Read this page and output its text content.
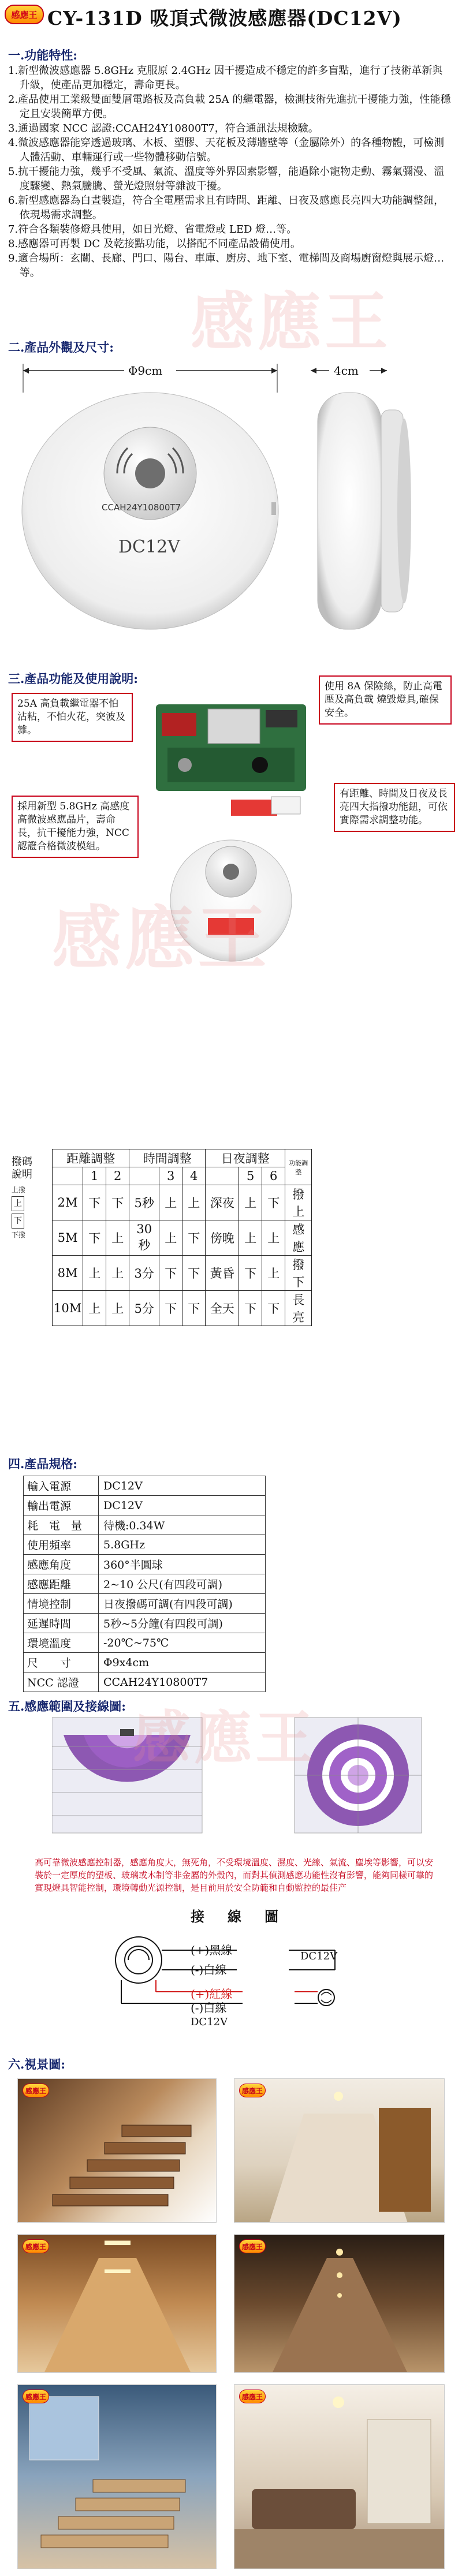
感應王 CY-131D 吸頂式微波感應器(DC12V)
一.功能特性:

1.新型微波感應器 5.8GHz 克服原 2.4GHz 因干擾造成不穩定的許多盲點，進行了技術革新與升級，使產品更加穩定，壽命更長。

2.產品使用工業級雙面雙層電路板及高負載 25A 的繼電器，檢測技術先進抗干擾能力強，性能穩定且安裝簡單方便。

3.通過國家 NCC 認證:CCAH24Y10800T7，符合通訊法規檢驗。

4.微波感應器能穿透過玻璃、木板、塑膠、天花板及薄牆壁等（金屬除外）的各種物體，可檢測人體活動、車輛運行或一些物體移動信號。

5.抗干擾能力強，幾乎不受風、氣流、溫度等外界因素影響，能過除小寵物走動、霧氣彌漫、溫度驟變、熱氣騰騰、螢光燈照射等雜波干擾。

6.新型感應器為白晝製造，符合全電壓需求且有時間、距離、日夜及感應長亮四大功能調整鈕，依現場需求調整。

7.符合各類裝修燈具使用，如日光燈、省電燈或 LED 燈…等。

8.感應器可再製 DC 及乾接點功能，以搭配不同產品設備使用。

9.適合場所：玄關、長廊、門口、陽台、車庫、廚房、地下室、電梯間及商場廚窗燈與展示燈…等。

二.產品外觀及尺寸: 感應王
Φ9cm	4cm
CCAH24Y10800T7
DC12V
三.產品功能及使用說明:
25A 高負載繼電器不怕沾粘，不怕火花，突波及雜。
使用 8A 保險絲，防止高電壓及高負載 燒毀燈具,確保安全。
採用新型 5.8GHz 高感度高微波感應晶片，壽命長，抗干擾能力強，NCC 認證合格微波模組。
有距離、時間及日夜及長亮四大指撥功能鈕，可依實際需求調整功能。
感應王
撥碼說明
上撥
上
下
下撥
距離調整			時間調整			日夜調整			功能調整
	1	2		3	4		5	6	
2M	下	下	5秒	上	上	深夜	上	下	撥上
5M	下	上	30秒	上	下	傍晚	上	上	感應
8M	上	上	3分	下	下	黃昏	下	上	撥下
10M	上	上	5分	下	下	全天	下	下	長亮
四.產品規格:
輸入電源	DC12V
輸出電源	DC12V
耗　電　量	待機:0.34W
使用頻率	5.8GHz
感應角度	360°半圓球
感應距離	2~10 公尺(有四段可調)
情境控制	日夜撥碼可調(有四段可調)
延遲時間	5秒~5分鐘(有四段可調)
環境溫度	-20℃~75℃
尺　　寸	Φ9x4cm
NCC 認證	CCAH24Y10800T7
五.感應範圍及接線圖: 感應王
高可靠微波感應控制器，感應角度大，無死角，不受環境溫度、濕度、光線、氣流、塵埃等影響，可以安裝於一定厚度的塑板、玻璃或木制等非金屬的外殼內，而對其偵測感應功能性沒有影響，能夠同樣可靠的實現燈具智能控制，環境轉動光源控制，是目前用於安全防範和自動監控的最佳产
接　線　圖
(+)黑線
(-)白線
DC12V
(+)紅線
(-)白線
DC12V
六.視景圖:
感應王	感應王
感應王	感應王
感應王	感應王
